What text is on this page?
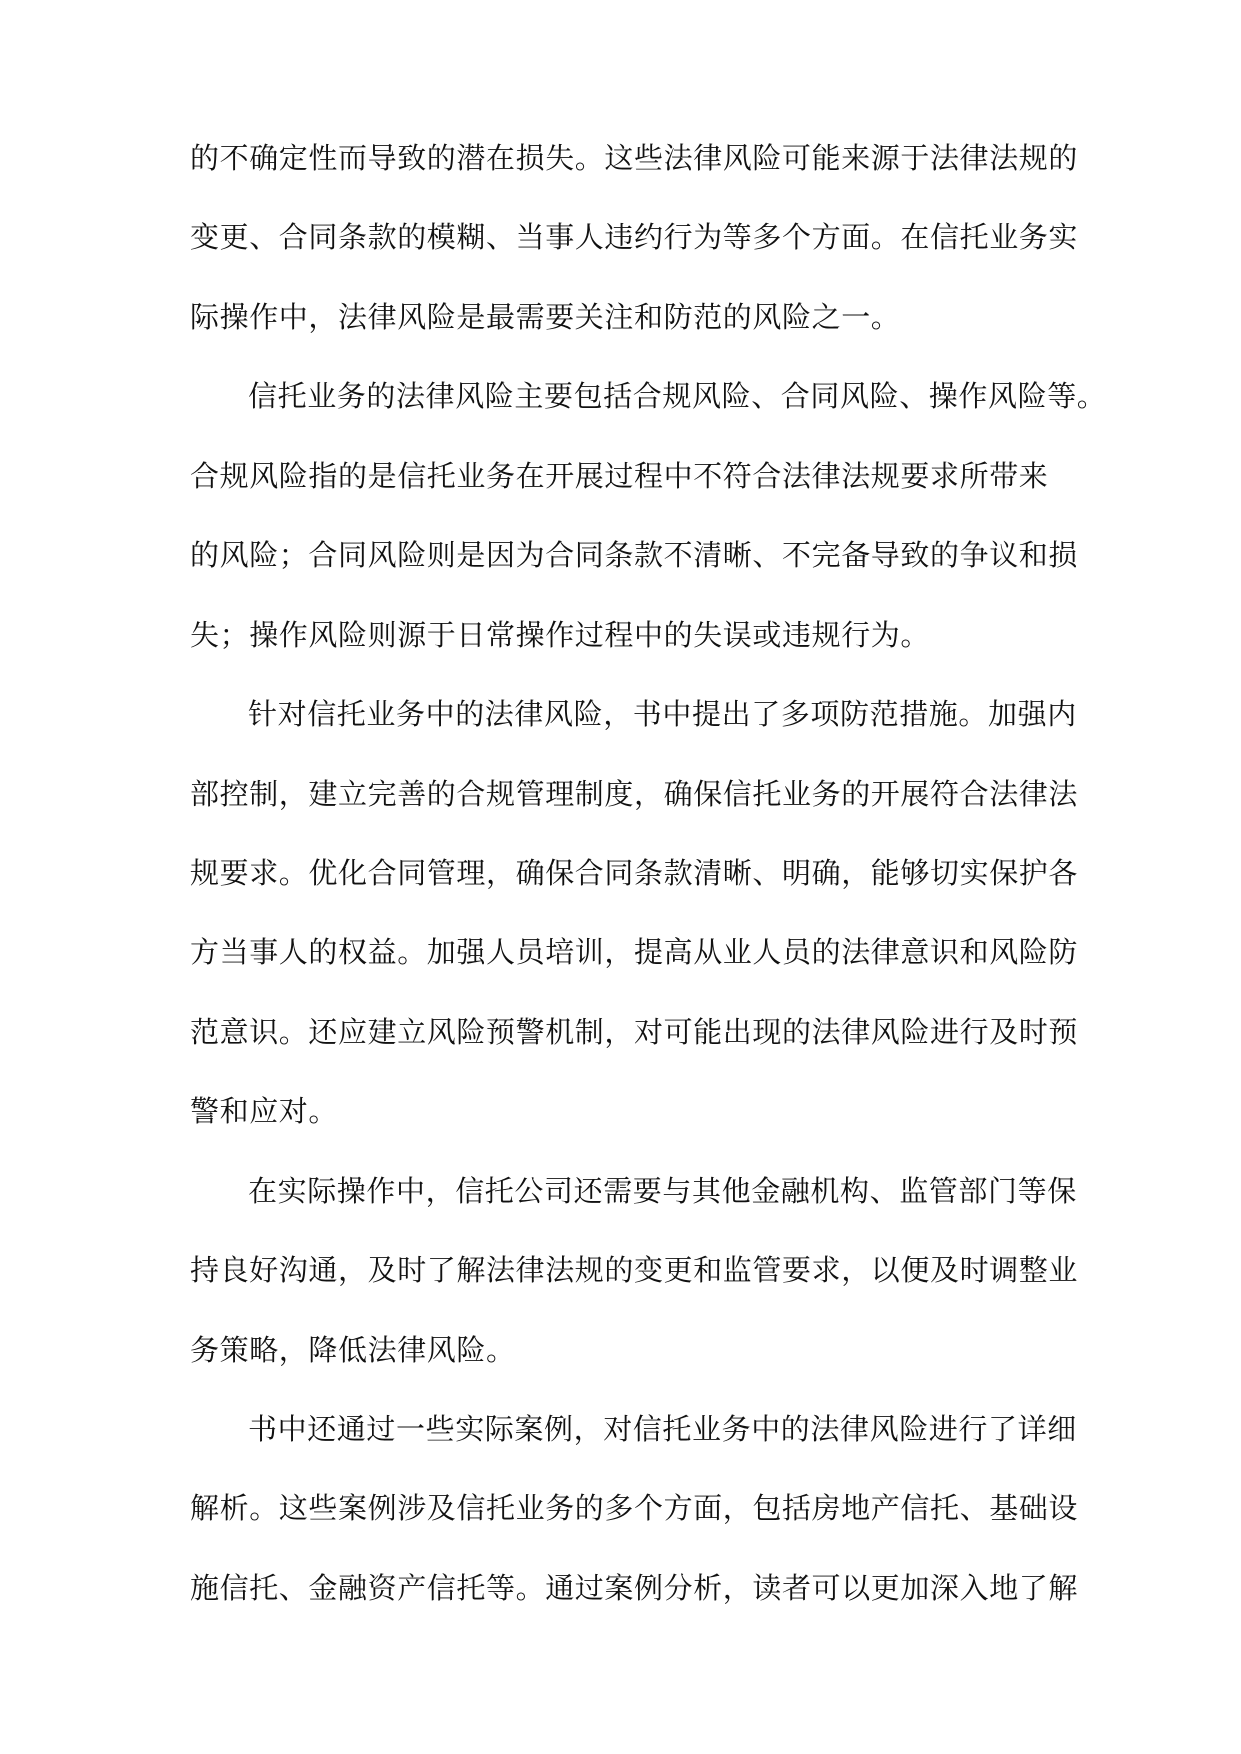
的不确定性而导致的潜在损失。这些法律风险可能来源于法律法规的
变更、合同条款的模糊、当事人违约行为等多个方面。在信托业务实
际操作中，法律风险是最需要关注和防范的风险之一。
信托业务的法律风险主要包括合规风险、合同风险、操作风险等。
合规风险指的是信托业务在开展过程中不符合法律法规要求所带来
的风险；合同风险则是因为合同条款不清晰、不完备导致的争议和损
失；操作风险则源于日常操作过程中的失误或违规行为。
针对信托业务中的法律风险，书中提出了多项防范措施。加强内
部控制，建立完善的合规管理制度，确保信托业务的开展符合法律法
规要求。优化合同管理，确保合同条款清晰、明确，能够切实保护各
方当事人的权益。加强人员培训，提高从业人员的法律意识和风险防
范意识。还应建立风险预警机制，对可能出现的法律风险进行及时预
警和应对。
在实际操作中，信托公司还需要与其他金融机构、监管部门等保
持良好沟通，及时了解法律法规的变更和监管要求，以便及时调整业
务策略，降低法律风险。
书中还通过一些实际案例，对信托业务中的法律风险进行了详细
解析。这些案例涉及信托业务的多个方面，包括房地产信托、基础设
施信托、金融资产信托等。通过案例分析，读者可以更加深入地了解
